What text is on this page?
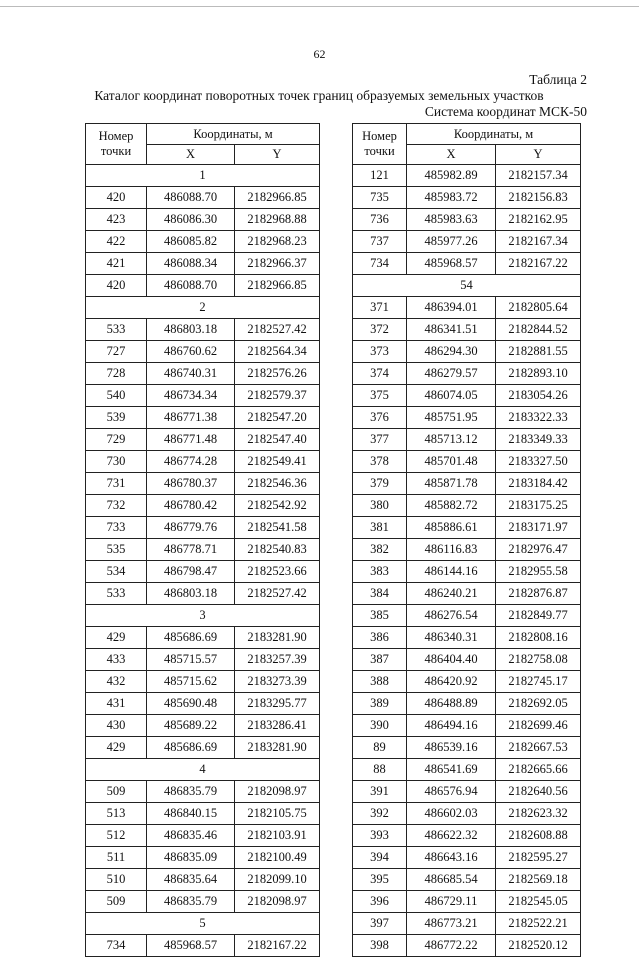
62
Таблица 2
Каталог координат поворотных точек границ образуемых земельных участков
Система координат МСК-50
Номер
точки	Координаты, м	
	X	Y
1		
420	486088.70	2182966.85
423	486086.30	2182968.88
422	486085.82	2182968.23
421	486088.34	2182966.37
420	486088.70	2182966.85
2		
533	486803.18	2182527.42
727	486760.62	2182564.34
728	486740.31	2182576.26
540	486734.34	2182579.37
539	486771.38	2182547.20
729	486771.48	2182547.40
730	486774.28	2182549.41
731	486780.37	2182546.36
732	486780.42	2182542.92
733	486779.76	2182541.58
535	486778.71	2182540.83
534	486798.47	2182523.66
533	486803.18	2182527.42
3		
429	485686.69	2183281.90
433	485715.57	2183257.39
432	485715.62	2183273.39
431	485690.48	2183295.77
430	485689.22	2183286.41
429	485686.69	2183281.90
4		
509	486835.79	2182098.97
513	486840.15	2182105.75
512	486835.46	2182103.91
511	486835.09	2182100.49
510	486835.64	2182099.10
509	486835.79	2182098.97
5		
734	485968.57	2182167.22
Номер
точки	Координаты, м	
	X	Y
121	485982.89	2182157.34
735	485983.72	2182156.83
736	485983.63	2182162.95
737	485977.26	2182167.34
734	485968.57	2182167.22
54		
371	486394.01	2182805.64
372	486341.51	2182844.52
373	486294.30	2182881.55
374	486279.57	2182893.10
375	486074.05	2183054.26
376	485751.95	2183322.33
377	485713.12	2183349.33
378	485701.48	2183327.50
379	485871.78	2183184.42
380	485882.72	2183175.25
381	485886.61	2183171.97
382	486116.83	2182976.47
383	486144.16	2182955.58
384	486240.21	2182876.87
385	486276.54	2182849.77
386	486340.31	2182808.16
387	486404.40	2182758.08
388	486420.92	2182745.17
389	486488.89	2182692.05
390	486494.16	2182699.46
89	486539.16	2182667.53
88	486541.69	2182665.66
391	486576.94	2182640.56
392	486602.03	2182623.32
393	486622.32	2182608.88
394	486643.16	2182595.27
395	486685.54	2182569.18
396	486729.11	2182545.05
397	486773.21	2182522.21
398	486772.22	2182520.12
